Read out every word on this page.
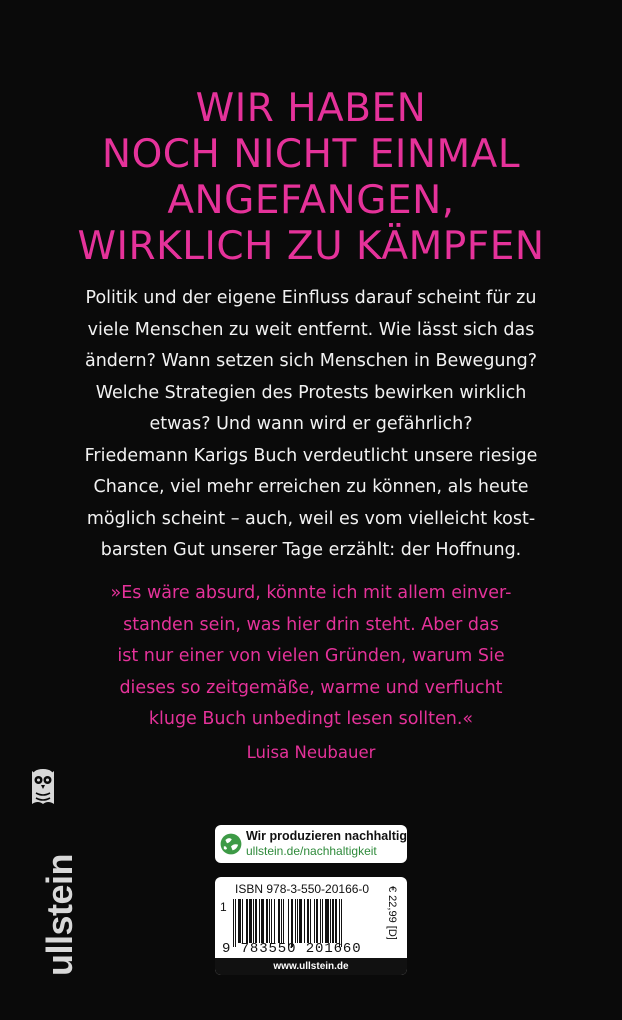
WIR HABEN
NOCH NICHT EINMAL
ANGEFANGEN,
WIRKLICH ZU KÄMPFEN
Politik und der eigene Einfluss darauf scheint für zu
viele Menschen zu weit entfernt. Wie lässt sich das
ändern? Wann setzen sich Menschen in Bewegung?
Welche Strategien des Protests bewirken wirklich
etwas? Und wann wird er gefährlich?
Friedemann Karigs Buch verdeutlicht unsere riesige
Chance, viel mehr erreichen zu können, als heute
möglich scheint – auch, weil es vom vielleicht kost-
barsten Gut unserer Tage erzählt: der Hoffnung.
»Es wäre absurd, könnte ich mit allem einver-
standen sein, was hier drin steht. Aber das
ist nur einer von vielen Gründen, warum Sie
dieses so zeitgemäße, warme und verflucht
kluge Buch unbedingt lesen sollten.«
Luisa Neubauer
ullstein
Wir produzieren nachhaltig
ullstein.de/nachhaltigkeit
ISBN 978-3-550-20166-0
1
9 783550 201660
€ 22,99 [D]
www.ullstein.de
